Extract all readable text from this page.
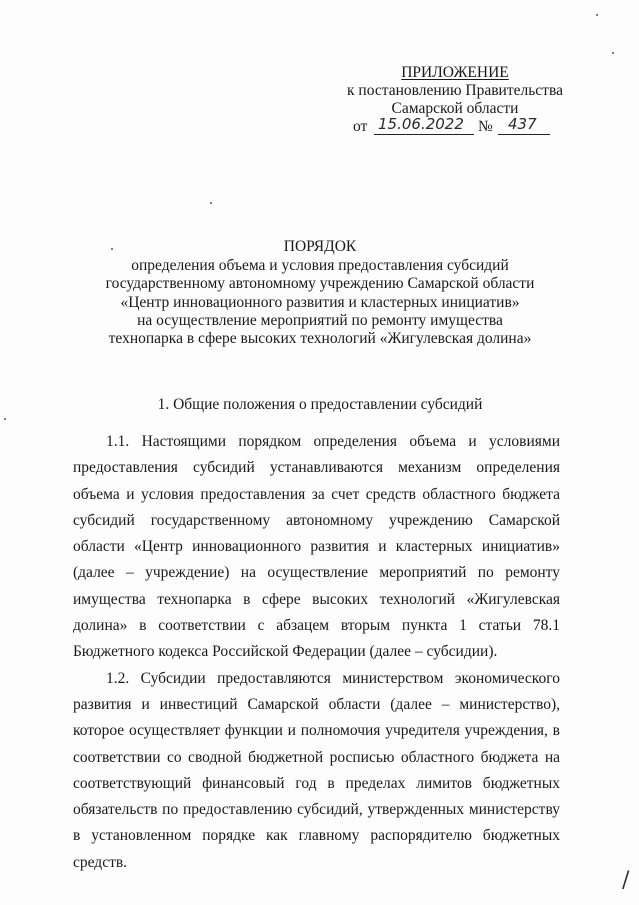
ПРИЛОЖЕНИЕ
к постановлению Правительства
Самарской области
от 15.06.2022 № 437
ПОРЯДОК
определения объема и условия предоставления субсидий
государственному автономному учреждению Самарской области
«Центр инновационного развития и кластерных инициатив»
на осуществление мероприятий по ремонту имущества
технопарка в сфере высоких технологий «Жигулевская долина»
1. Общие положения о предоставлении субсидий

1.1. Настоящими порядком определения объема и условиями предоставления субсидий устанавливаются механизм определения объема и условия предоставления за счет средств областного бюджета субсидий государственному автономному учреждению Самарской области «Центр инновационного развития и кластерных инициатив» (далее – учреждение) на осуществление мероприятий по ремонту имущества технопарка в сфере высоких технологий «Жигулевская долина» в соответствии с абзацем вторым пункта 1 статьи 78.1 Бюджетного кодекса Российской Федерации (далее – субсидии).

1.2. Субсидии предоставляются министерством экономического развития и инвестиций Самарской области (далее – министерство), которое осуществляет функции и полномочия учредителя учреждения, в соответствии со сводной бюджетной росписью областного бюджета на соответствующий финансовый год в пределах лимитов бюджетных обязательств по предоставлению субсидий, утвержденных министерству в установленном порядке как главному распорядителю бюджетных средств.

/
